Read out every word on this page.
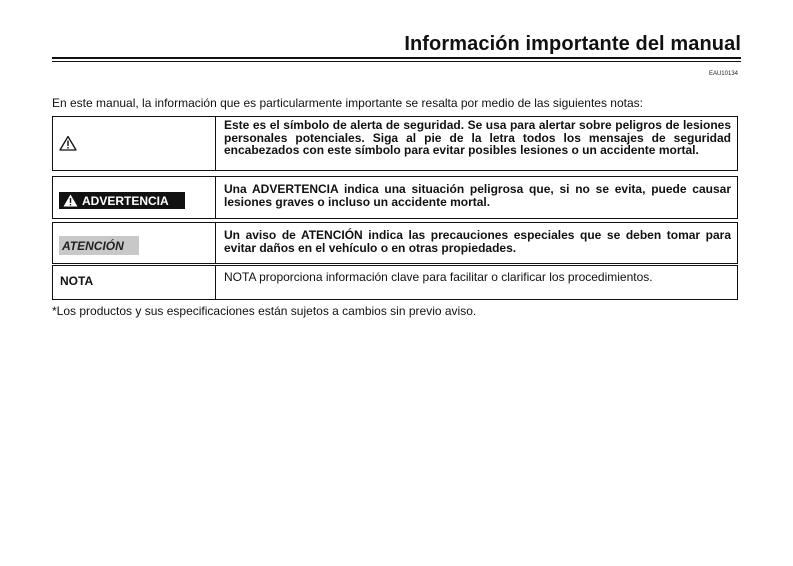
Información importante del manual
EAU10134
En este manual, la información que es particularmente importante se resalta por medio de las siguientes notas:
Este es el símbolo de alerta de seguridad. Se usa para alertar sobre peligros de lesiones personales potenciales. Siga al pie de la letra todos los mensajes de seguridad encabezados con este símbolo para evitar posibles lesiones o un accidente mortal.
ADVERTENCIA
Una ADVERTENCIA indica una situación peligrosa que, si no se evita, puede causar lesiones graves o incluso un accidente mortal.
ATENCIÓN
Un aviso de ATENCIÓN indica las precauciones especiales que se deben tomar para evitar daños en el vehículo o en otras propiedades.
NOTA	NOTA proporciona información clave para facilitar o clarificar los procedimientos.
*Los productos y sus especificaciones están sujetos a cambios sin previo aviso.
